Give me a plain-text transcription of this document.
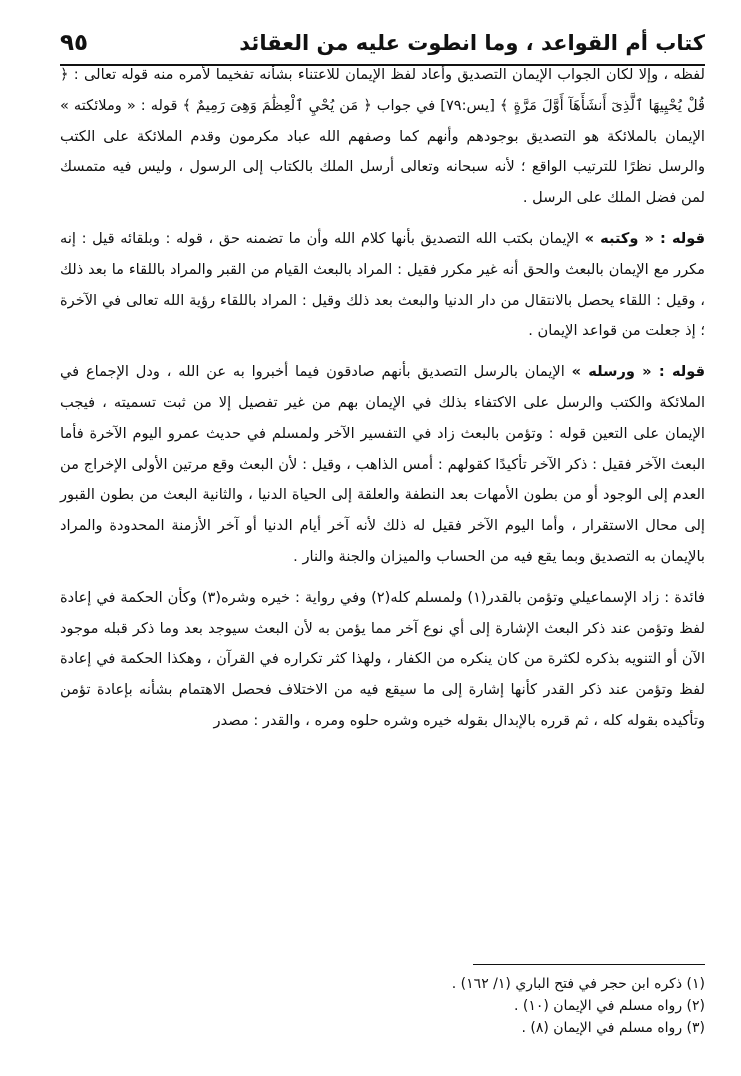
كتاب أم القواعد ، وما انطوت عليه من العقائد
٩٥

لفظه ، وإلا لكان الجواب الإيمان التصديق وأعاد لفظ الإيمان للاعتناء بشأنه تفخيما لأمره منه قوله تعالى : ﴿ قُلْ يُحْيِيهَا ٱلَّذِىٓ أَنشَأَهَآ أَوَّلَ مَرَّةٍ ﴾ [يس:٧٩] في جواب ﴿ مَن يُحْيِ ٱلْعِظَٰمَ وَهِىَ رَمِيمٌ ﴾ قوله : « وملائكته » الإيمان بالملائكة هو التصديق بوجودهم وأنهم كما وصفهم الله عباد مكرمون وقدم الملائكة على الكتب والرسل نظرًا للترتيب الواقع ؛ لأنه سبحانه وتعالى أرسل الملك بالكتاب إلى الرسول ، وليس فيه متمسك لمن فضل الملك على الرسل .

قوله : « وكتبه » الإيمان بكتب الله التصديق بأنها كلام الله وأن ما تضمنه حق ، قوله : وبلقائه قيل : إنه مكرر مع الإيمان بالبعث والحق أنه غير مكرر فقيل : المراد بالبعث القيام من القبر والمراد باللقاء ما بعد ذلك ، وقيل : اللقاء يحصل بالانتقال من دار الدنيا والبعث بعد ذلك وقيل : المراد باللقاء رؤية الله تعالى في الآخرة ؛ إذ جعلت من قواعد الإيمان .

قوله : « ورسله » الإيمان بالرسل التصديق بأنهم صادقون فيما أخبروا به عن الله ، ودل الإجماع في الملائكة والكتب والرسل على الاكتفاء بذلك في الإيمان بهم من غير تفصيل إلا من ثبت تسميته ، فيجب الإيمان على التعين قوله : وتؤمن بالبعث زاد في التفسير الآخر ولمسلم في حديث عمرو اليوم الآخرة فأما البعث الآخر فقيل : ذكر الآخر تأكيدًا كقولهم : أمس الذاهب ، وقيل : لأن البعث وقع مرتين الأولى الإخراج من العدم إلى الوجود أو من بطون الأمهات بعد النطفة والعلقة إلى الحياة الدنيا ، والثانية البعث من بطون القبور إلى محال الاستقرار ، وأما اليوم الآخر فقيل له ذلك لأنه آخر أيام الدنيا أو آخر الأزمنة المحدودة والمراد بالإيمان به التصديق وبما يقع فيه من الحساب والميزان والجنة والنار .

فائدة : زاد الإسماعيلي وتؤمن بالقدر(١) ولمسلم كله(٢) وفي رواية : خيره وشره(٣) وكأن الحكمة في إعادة لفظ وتؤمن عند ذكر البعث الإشارة إلى أي نوع آخر مما يؤمن به لأن البعث سيوجد بعد وما ذكر قبله موجود الآن أو التنويه بذكره لكثرة من كان ينكره من الكفار ، ولهذا كثر تكراره في القرآن ، وهكذا الحكمة في إعادة لفظ وتؤمن عند ذكر القدر كأنها إشارة إلى ما سيقع فيه من الاختلاف فحصل الاهتمام بشأنه بإعادة تؤمن وتأكيده بقوله كله ، ثم قرره بالإبدال بقوله خيره وشره حلوه ومره ، والقدر : مصدر

(١) ذكره ابن حجر في فتح الباري (١/ ١٦٢) .
(٢) رواه مسلم في الإيمان (١٠) .
(٣) رواه مسلم في الإيمان (٨) .
